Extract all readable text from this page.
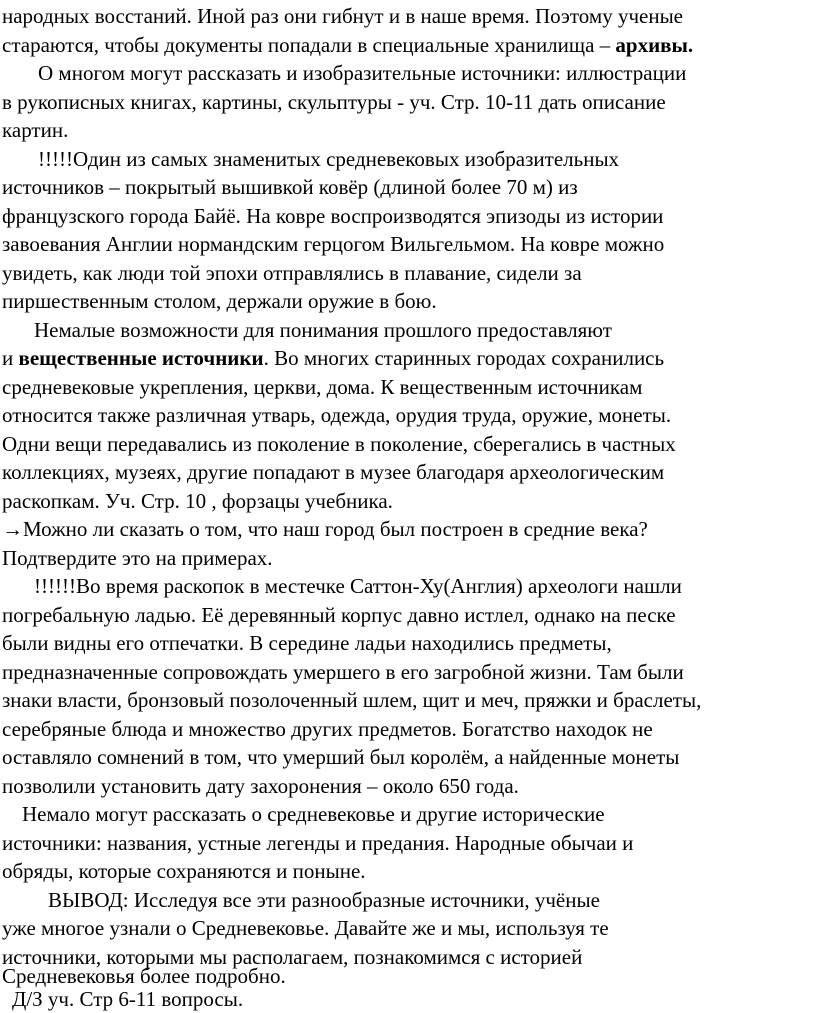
народных восстаний. Иной раз они гибнут и в наше время. Поэтому ученые
стараются, чтобы документы попадали в специальные хранилища – архивы.
О многом могут рассказать и изобразительные источники: иллюстрации
в рукописных книгах, картины, скульптуры - уч. Стр. 10-11 дать описание
картин.
!!!!!Один из самых знаменитых средневековых изобразительных
источников – покрытый вышивкой ковёр (длиной более 70 м) из
французского города Байё. На ковре воспроизводятся эпизоды из истории
завоевания Англии нормандским герцогом Вильгельмом. На ковре можно
увидеть, как люди той эпохи отправлялись в плавание, сидели за
пиршественным столом, держали оружие в бою.
Немалые возможности для понимания прошлого предоставляют
и вещественные источники. Во многих старинных городах сохранились
средневековые укрепления, церкви, дома. К вещественным источникам
относится также различная утварь, одежда, орудия труда, оружие, монеты.
Одни вещи передавались из поколение в поколение, сберегались в частных
коллекциях, музеях, другие попадают в музее благодаря археологическим
раскопкам. Уч. Стр. 10 , форзацы учебника.
→Можно ли сказать о том, что наш город был построен в средние века?
Подтвердите это на примерах.
!!!!!!Во время раскопок в местечке Саттон-Ху(Англия) археологи нашли
погребальную ладью. Её деревянный корпус давно истлел, однако на песке
были видны его отпечатки. В середине ладьи находились предметы,
предназначенные сопровождать умершего в его загробной жизни. Там были
знаки власти, бронзовый позолоченный шлем, щит и меч, пряжки и браслеты,
серебряные блюда и множество других предметов. Богатство находок не
оставляло сомнений в том, что умерший был королём, а найденные монеты
позволили установить дату захоронения – около 650 года.
Немало могут рассказать о средневековье и другие исторические
источники: названия, устные легенды и предания. Народные обычаи и
обряды, которые сохраняются и поныне.
ВЫВОД: Исследуя все эти разнообразные источники, учёные
уже многое узнали о Средневековье. Давайте же и мы, используя те
источники, которыми мы располагаем, познакомимся с историей
Средневековья более подробно.
Д/З уч. Стр 6-11 вопросы.
